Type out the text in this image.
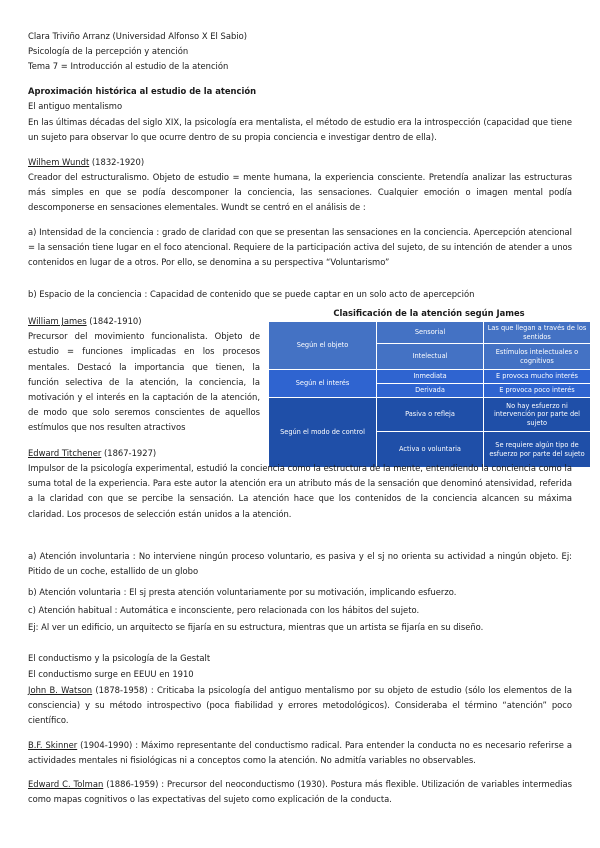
Clara Triviño Arranz (Universidad Alfonso X El Sabio)
Psicología de la percepción y atención
Tema 7 = Introducción al estudio de la atención
Aproximación histórica al estudio de la atención
El antiguo mentalismo
En las últimas décadas del siglo XIX, la psicología era mentalista, el método de estudio era la introspección (capacidad que tiene un sujeto para observar lo que ocurre dentro de su propia conciencia e investigar dentro de ella).
Wilhem Wundt (1832-1920)
Creador del estructuralismo. Objeto de estudio = mente humana, la experiencia consciente. Pretendía analizar las estructuras más simples en que se podía descomponer la conciencia, las sensaciones. Cualquier emoción o imagen mental podía descomponerse en sensaciones elementales. Wundt se centró en el análisis de :
a) Intensidad de la conciencia : grado de claridad con que se presentan las sensaciones en la conciencia. Apercepción atencional = la sensación tiene lugar en el foco atencional. Requiere de la participación activa del sujeto, de su intención de atender a unos contenidos en lugar de a otros. Por ello, se denomina a su perspectiva “Voluntarismo”
b) Espacio de la conciencia : Capacidad de contenido que se puede captar en un solo acto de apercepción
William James (1842-1910)
Precursor del movimiento funcionalista. Objeto de estudio = funciones implicadas en los procesos mentales. Destacó la importancia que tienen, la función selectiva de la atención, la conciencia, la motivación y el interés en la captación de la atención, de modo que solo seremos conscientes de aquellos estímulos que nos resulten atractivos
Clasificación de la atención según James
Según el objeto	Sensorial	Las que llegan a través de los sentidos
	Intelectual	Estímulos intelectuales o cognitivos
Según el interés	Inmediata	E provoca mucho interés
	Derivada	E provoca poco interés
Según el modo de control	Pasiva o refleja	No hay esfuerzo ni intervención por parte del sujeto
	Activa o voluntaria	Se requiere algún tipo de esfuerzo por parte del sujeto
Edward Titchener (1867-1927)
Impulsor de la psicología experimental, estudió la conciencia como la estructura de la mente, entendiendo la conciencia como la suma total de la experiencia. Para este autor la atención era un atributo más de la sensación que denominó atensividad, referida a la claridad con que se percibe la sensación. La atención hace que los contenidos de la conciencia alcancen su máxima claridad. Los procesos de selección están unidos a la atención.
a) Atención involuntaria : No interviene ningún proceso voluntario, es pasiva y el sj no orienta su actividad a ningún objeto. Ej: Pitido de un coche, estallido de un globo
b) Atención voluntaria : El sj presta atención voluntariamente por su motivación, implicando esfuerzo.
c) Atención habitual : Automática e inconsciente, pero relacionada con los hábitos del sujeto.
Ej: Al ver un edificio, un arquitecto se fijaría en su estructura, mientras que un artista se fijaría en su diseño.
El conductismo y la psicología de la Gestalt
El conductismo surge en EEUU en 1910
John B. Watson (1878-1958) : Criticaba la psicología del antiguo mentalismo por su objeto de estudio (sólo los elementos de la consciencia) y su método introspectivo (poca fiabilidad y errores metodológicos). Consideraba el término “atención” poco científico.
B.F. Skinner (1904-1990) : Máximo representante del conductismo radical. Para entender la conducta no es necesario referirse a actividades mentales ni fisiológicas ni a conceptos como la atención. No admitía variables no observables.
Edward C. Tolman (1886-1959) : Precursor del neoconductismo (1930). Postura más flexible. Utilización de variables intermedias como mapas cognitivos o las expectativas del sujeto como explicación de la conducta.
